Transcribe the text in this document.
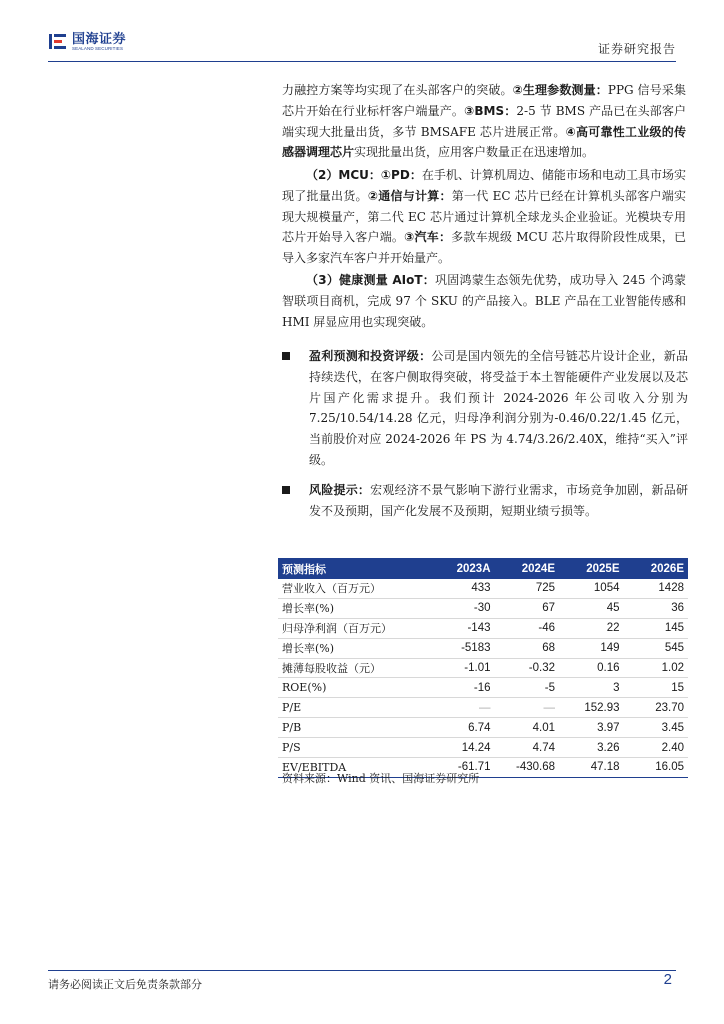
国海证券
SEALAND SECURITIES	证券研究报告
力融控方案等均实现了在头部客户的突破。②生理参数测量：PPG 信号采集芯片开始在行业标杆客户端量产。③BMS：2-5 节 BMS 产品已在头部客户端实现大批量出货，多节 BMSAFE 芯片进展正常。④高可靠性工业级的传感器调理芯片实现批量出货，应用客户数量正在迅速增加。
（2）MCU：①PD：在手机、计算机周边、储能市场和电动工具市场实现了批量出货。②通信与计算：第一代 EC 芯片已经在计算机头部客户端实现大规模量产，第二代 EC 芯片通过计算机全球龙头企业验证。光模块专用芯片开始导入客户端。③汽车：多款车规级 MCU 芯片取得阶段性成果，已导入多家汽车客户并开始量产。
（3）健康测量 AIoT：巩固鸿蒙生态领先优势，成功导入 245 个鸿蒙智联项目商机，完成 97 个 SKU 的产品接入。BLE 产品在工业智能传感和 HMI 屏显应用也实现突破。
盈利预测和投资评级：公司是国内领先的全信号链芯片设计企业，新品持续迭代，在客户侧取得突破，将受益于本土智能硬件产业发展以及芯片国产化需求提升。我们预计 2024-2026 年公司收入分别为 7.25/10.54/14.28 亿元，归母净利润分别为-0.46/0.22/1.45 亿元，当前股价对应 2024-2026 年 PS 为 4.74/3.26/2.40X，维持“买入”评级。
风险提示：宏观经济不景气影响下游行业需求，市场竞争加剧，新品研发不及预期，国产化发展不及预期，短期业绩亏损等。
预测指标	2023A	2024E	2025E	2026E
营业收入（百万元）	433	725	1054	1428
增长率(%)	-30	67	45	36
归母净利润（百万元）	-143	-46	22	145
增长率(%)	-5183	68	149	545
摊薄每股收益（元）	-1.01	-0.32	0.16	1.02
ROE(%)	-16	-5	3	15
P/E	—	—	152.93	23.70
P/B	6.74	4.01	3.97	3.45
P/S	14.24	4.74	3.26	2.40
EV/EBITDA	-61.71	-430.68	47.18	16.05
资料来源：Wind 资讯、国海证券研究所
请务必阅读正文后免责条款部分	2
